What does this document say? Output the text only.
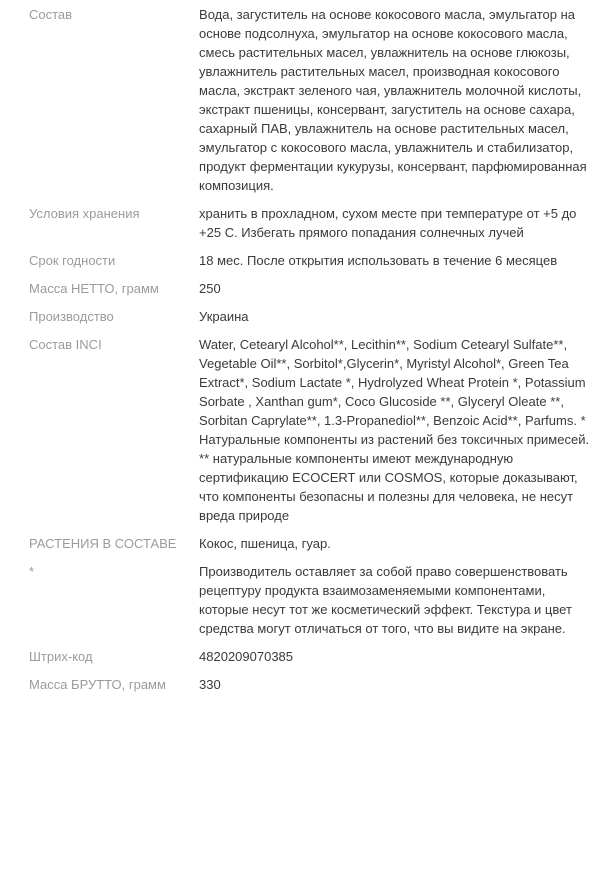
Состав	Вода, загуститель на основе кокосового масла, эмульгатор на основе подсолнуха, эмульгатор на основе кокосового масла, смесь растительных масел, увлажнитель на основе глюкозы, увлажнитель растительных масел, производная кокосового масла, экстракт зеленого чая, увлажнитель молочной кислоты, экстракт пшеницы, консервант, загуститель на основе сахара, сахарный ПАВ, увлажнитель на основе растительных масел, эмульгатор с кокосового масла, увлажнитель и стабилизатор, продукт ферментации кукурузы, консервант, парфюмированная композиция.
Условия хранения	хранить в прохладном, сухом месте при температуре от +5 до +25 С. Избегать прямого попадания солнечных лучей
Срок годности	18 мес. После открытия использовать в течение 6 месяцев
Масса НЕТТО, грамм	250
Производство	Украина
Состав INCI	Water, Cetearyl Alcohol**, Lecithin**, Sodium Cetearyl Sulfate**, Vegetable Oil**, Sorbitol*,Glycerin*, Myristyl Alcohol*, Green Tea Extract*, Sodium Lactate *, Hydrolyzed Wheat Protein *, Potassium Sorbate , Xanthan gum*, Coco Glucoside **, Glyceryl Oleate **, Sorbitan Caprylate**, 1.3-Propanediol**, Benzoic Acid**, Parfums. * Натуральные компоненты из растений без токсичных примесей. ** натуральные компоненты имеют международную сертификацию ECOCERT или COSMOS, которые доказывают, что компоненты безопасны и полезны для человека, не несут вреда природе
РАСТЕНИЯ В СОСТАВЕ	Кокос, пшеница, гуар.
*	Производитель оставляет за собой право совершенствовать рецептуру продукта взаимозаменяемыми компонентами, которые несут тот же косметический эффект. Текстура и цвет средства могут отличаться от того, что вы видите на экране.
Штрих-код	4820209070385
Масса БРУТТО, грамм	330
